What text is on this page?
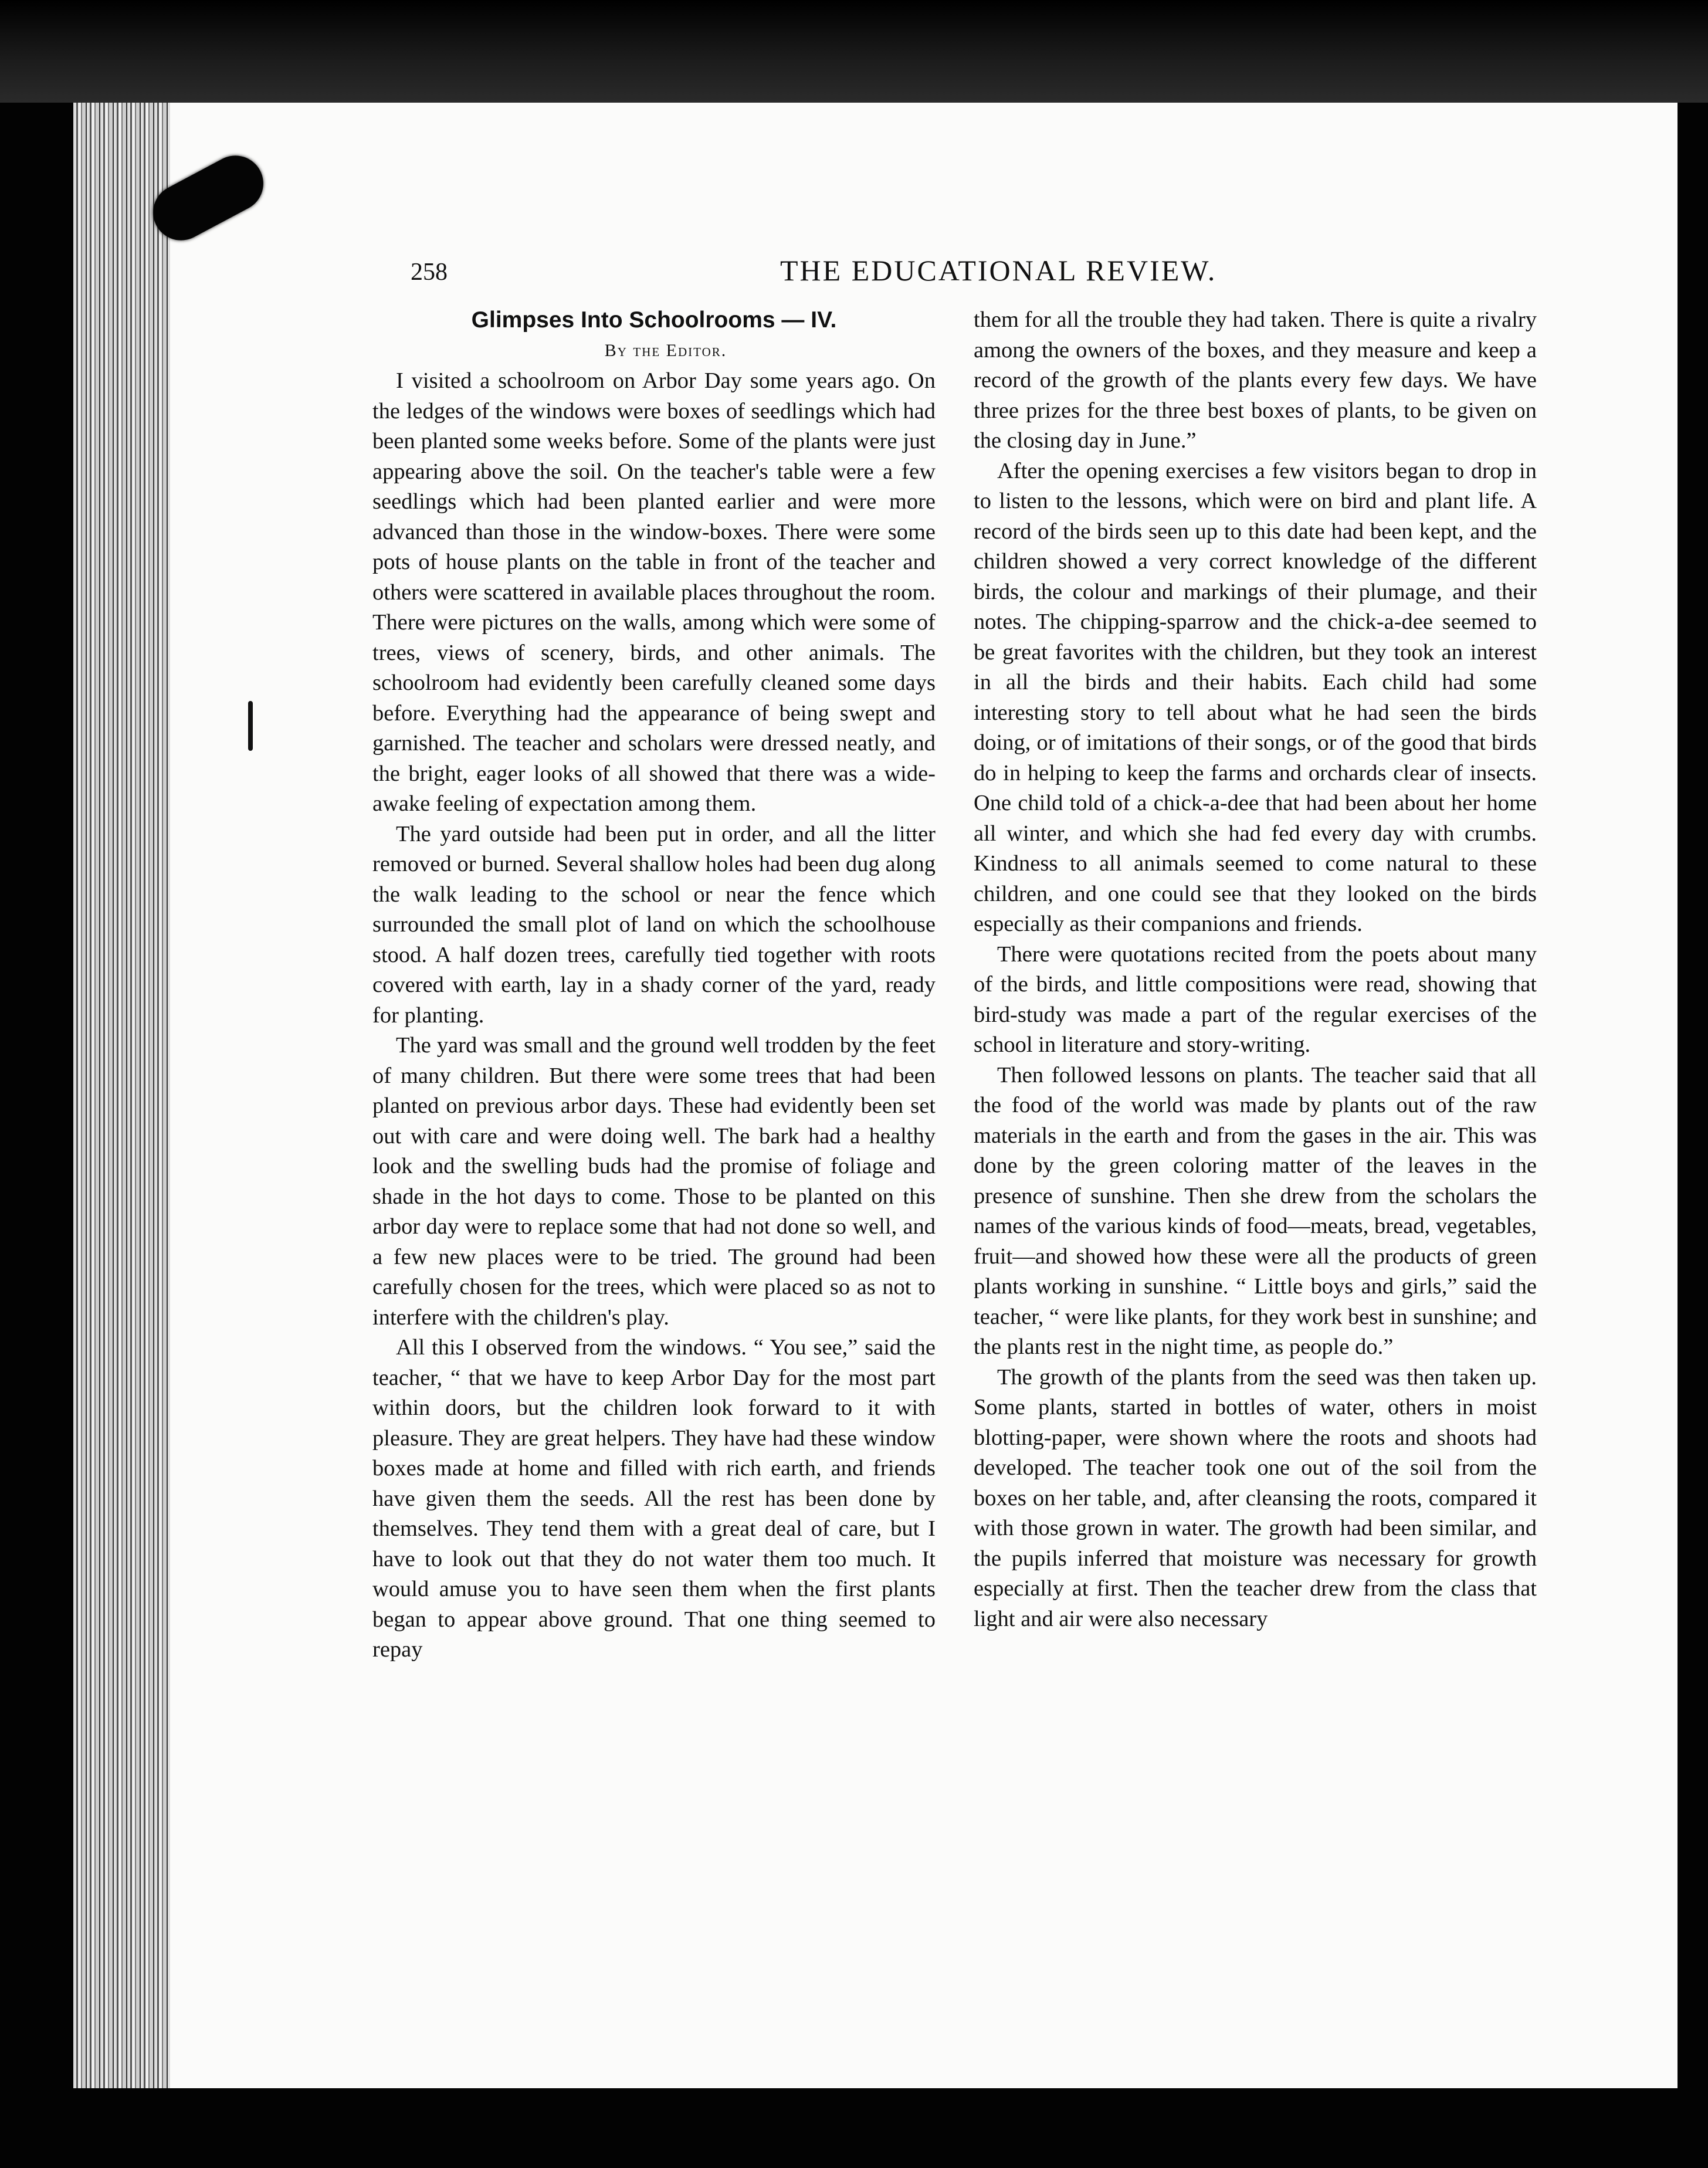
258	THE EDUCATIONAL REVIEW.

Glimpses Into Schoolrooms — IV.

By the Editor.

I visited a schoolroom on Arbor Day some years ago. On the ledges of the windows were boxes of seedlings which had been planted some weeks before. Some of the plants were just appearing above the soil. On the teacher's table were a few seedlings which had been planted earlier and were more advanced than those in the window-boxes. There were some pots of house plants on the table in front of the teacher and others were scattered in available places throughout the room. There were pictures on the walls, among which were some of trees, views of scenery, birds, and other animals. The schoolroom had evidently been carefully cleaned some days before. Everything had the appearance of being swept and garnished. The teacher and scholars were dressed neatly, and the bright, eager looks of all showed that there was a wide-awake feeling of expectation among them.

The yard outside had been put in order, and all the litter removed or burned. Several shallow holes had been dug along the walk leading to the school or near the fence which surrounded the small plot of land on which the schoolhouse stood. A half dozen trees, carefully tied together with roots covered with earth, lay in a shady corner of the yard, ready for planting.

The yard was small and the ground well trodden by the feet of many children. But there were some trees that had been planted on previous arbor days. These had evidently been set out with care and were doing well. The bark had a healthy look and the swelling buds had the promise of foliage and shade in the hot days to come. Those to be planted on this arbor day were to replace some that had not done so well, and a few new places were to be tried. The ground had been carefully chosen for the trees, which were placed so as not to interfere with the children's play.

All this I observed from the windows. “ You see,” said the teacher, “ that we have to keep Arbor Day for the most part within doors, but the children look forward to it with pleasure. They are great helpers. They have had these window boxes made at home and filled with rich earth, and friends have given them the seeds. All the rest has been done by themselves. They tend them with a great deal of care, but I have to look out that they do not water them too much. It would amuse you to have seen them when the first plants began to appear above ground. That one thing seemed to repay

them for all the trouble they had taken. There is quite a rivalry among the owners of the boxes, and they measure and keep a record of the growth of the plants every few days. We have three prizes for the three best boxes of plants, to be given on the closing day in June.”

After the opening exercises a few visitors began to drop in to listen to the lessons, which were on bird and plant life. A record of the birds seen up to this date had been kept, and the children showed a very correct knowledge of the different birds, the colour and markings of their plumage, and their notes. The chipping-sparrow and the chick-a-dee seemed to be great favorites with the children, but they took an interest in all the birds and their habits. Each child had some interesting story to tell about what he had seen the birds doing, or of imitations of their songs, or of the good that birds do in helping to keep the farms and orchards clear of insects. One child told of a chick-a-dee that had been about her home all winter, and which she had fed every day with crumbs. Kindness to all animals seemed to come natural to these children, and one could see that they looked on the birds especially as their companions and friends.

There were quotations recited from the poets about many of the birds, and little compositions were read, showing that bird-study was made a part of the regular exercises of the school in literature and story-writing.

Then followed lessons on plants. The teacher said that all the food of the world was made by plants out of the raw materials in the earth and from the gases in the air. This was done by the green coloring matter of the leaves in the presence of sunshine. Then she drew from the scholars the names of the various kinds of food—meats, bread, vegetables, fruit—and showed how these were all the products of green plants working in sunshine. “ Little boys and girls,” said the teacher, “ were like plants, for they work best in sunshine; and the plants rest in the night time, as people do.”

The growth of the plants from the seed was then taken up. Some plants, started in bottles of water, others in moist blotting-paper, were shown where the roots and shoots had developed. The teacher took one out of the soil from the boxes on her table, and, after cleansing the roots, compared it with those grown in water. The growth had been similar, and the pupils inferred that moisture was necessary for growth especially at first. Then the teacher drew from the class that light and air were also necessary
